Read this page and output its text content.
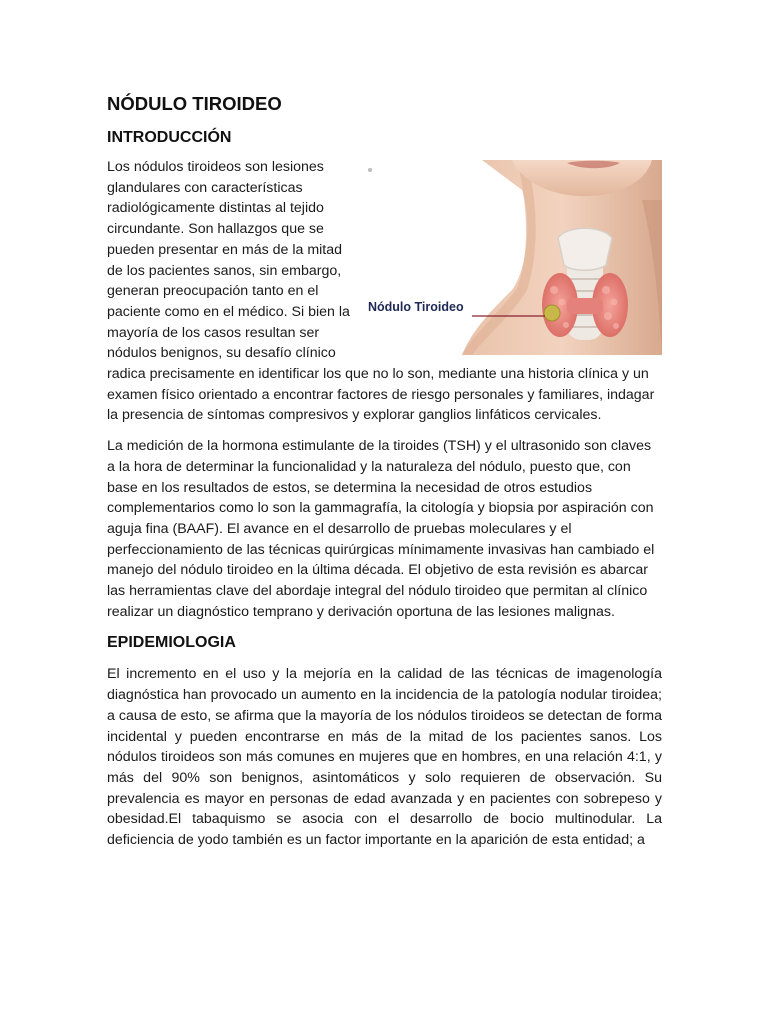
NÓDULO TIROIDEO
INTRODUCCIÓN
Nódulo Tiroideo

Los nódulos tiroideos son lesiones glandulares con características radiológicamente distintas al tejido circundante. Son hallazgos que se pueden presentar en más de la mitad de los pacientes sanos, sin embargo, generan preocupación tanto en el paciente como en el médico. Si bien la mayoría de los casos resultan ser nódulos benignos, su desafío clínico radica precisamente en identificar los que no lo son, mediante una historia clínica y un examen físico orientado a encontrar factores de riesgo personales y familiares, indagar la presencia de síntomas compresivos y explorar ganglios linfáticos cervicales.

La medición de la hormona estimulante de la tiroides (TSH) y el ultrasonido son claves a la hora de determinar la funcionalidad y la naturaleza del nódulo, puesto que, con base en los resultados de estos, se determina la necesidad de otros estudios complementarios como lo son la gammagrafía, la citología y biopsia por aspiración con aguja fina (BAAF). El avance en el desarrollo de pruebas moleculares y el perfeccionamiento de las técnicas quirúrgicas mínimamente invasivas han cambiado el manejo del nódulo tiroideo en la última década. El objetivo de esta revisión es abarcar las herramientas clave del abordaje integral del nódulo tiroideo que permitan al clínico realizar un diagnóstico temprano y derivación oportuna de las lesiones malignas.

EPIDEMIOLOGIA

El incremento en el uso y la mejoría en la calidad de las técnicas de imagenología diagnóstica han provocado un aumento en la incidencia de la patología nodular tiroidea; a causa de esto, se afirma que la mayoría de los nódulos tiroideos se detectan de forma incidental y pueden encontrarse en más de la mitad de los pacientes sanos. Los nódulos tiroideos son más comunes en mujeres que en hombres, en una relación 4:1, y más del 90% son benignos, asintomáticos y solo requieren de observación. Su prevalencia es mayor en personas de edad avanzada y en pacientes con sobrepeso y obesidad.El tabaquismo se asocia con el desarrollo de bocio multinodular. La deficiencia de yodo también es un factor importante en la aparición de esta entidad; a
